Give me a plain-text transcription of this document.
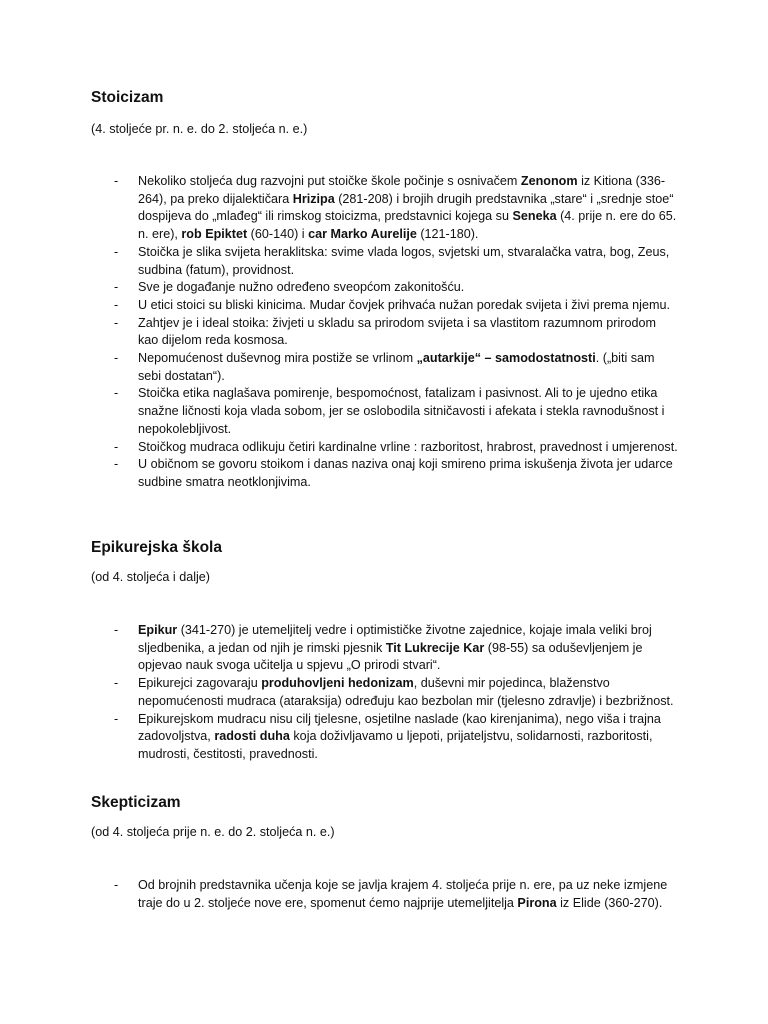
Stoicizam

(4. stoljeće pr. n. e. do 2. stoljeća n. e.)

- Nekoliko stoljeća dug razvojni put stoičke škole počinje s osnivačem Zenonom iz Kitiona (336-264), pa preko dijalektičara Hrizipa (281-208) i brojih drugih predstavnika „stare“ i „srednje stoe“ dospijeva do „mlađeg“ ili rimskog stoicizma, predstavnici kojega su Seneka (4. prije n. ere do 65. n. ere), rob Epiktet (60-140) i car Marko Aurelije (121-180).
- Stoička je slika svijeta heraklitska: svime vlada logos, svjetski um, stvaralačka vatra, bog, Zeus, sudbina (fatum), providnost.
- Sve je događanje nužno određeno sveopćom zakonitošću.
- U etici stoici su bliski kinicima. Mudar čovjek prihvaća nužan poredak svijeta i živi prema njemu.
- Zahtjev je i ideal stoika: živjeti u skladu sa prirodom svijeta i sa vlastitom razumnom prirodom kao dijelom reda kosmosa.
- Nepomućenost duševnog mira postiže se vrlinom „autarkije“ – samodostatnosti. („biti sam sebi dostatan“).
- Stoička etika naglašava pomirenje, bespomoćnost, fatalizam i pasivnost. Ali to je ujedno etika snažne ličnosti koja vlada sobom, jer se oslobodila sitničavosti i afekata i stekla ravnodušnost i nepokolebljivost.
- Stoičkog mudraca odlikuju četiri kardinalne vrline : razboritost, hrabrost, pravednost i umjerenost.
- U običnom se govoru stoikom i danas naziva onaj koji smireno prima iskušenja života jer udarce sudbine smatra neotklonjivima.
Epikurejska škola

(od 4. stoljeća i dalje)

- Epikur (341-270) je utemeljitelj vedre i optimističke životne zajednice, kojaje imala veliki broj sljedbenika, a jedan od njih je rimski pjesnik Tit Lukrecije Kar (98-55) sa oduševljenjem je opjevao nauk svoga učitelja u spjevu „O prirodi stvari“.
- Epikurejci zagovaraju produhovljeni hedonizam, duševni mir pojedinca, blaženstvo nepomućenosti mudraca (ataraksija) određuju kao bezbolan mir (tjelesno zdravlje) i bezbrižnost.
- Epikurejskom mudracu nisu cilj tjelesne, osjetilne naslade (kao kirenjanima), nego viša i trajna zadovoljstva, radosti duha koja doživljavamo u ljepoti, prijateljstvu, solidarnosti, razboritosti, mudrosti, čestitosti, pravednosti.
Skepticizam

(od 4. stoljeća prije n. e. do 2. stoljeća n. e.)

- Od brojnih predstavnika učenja koje se javlja krajem 4. stoljeća prije n. ere, pa uz neke izmjene traje do u 2. stoljeće nove ere, spomenut ćemo najprije utemeljitelja Pirona iz Elide (360-270).
